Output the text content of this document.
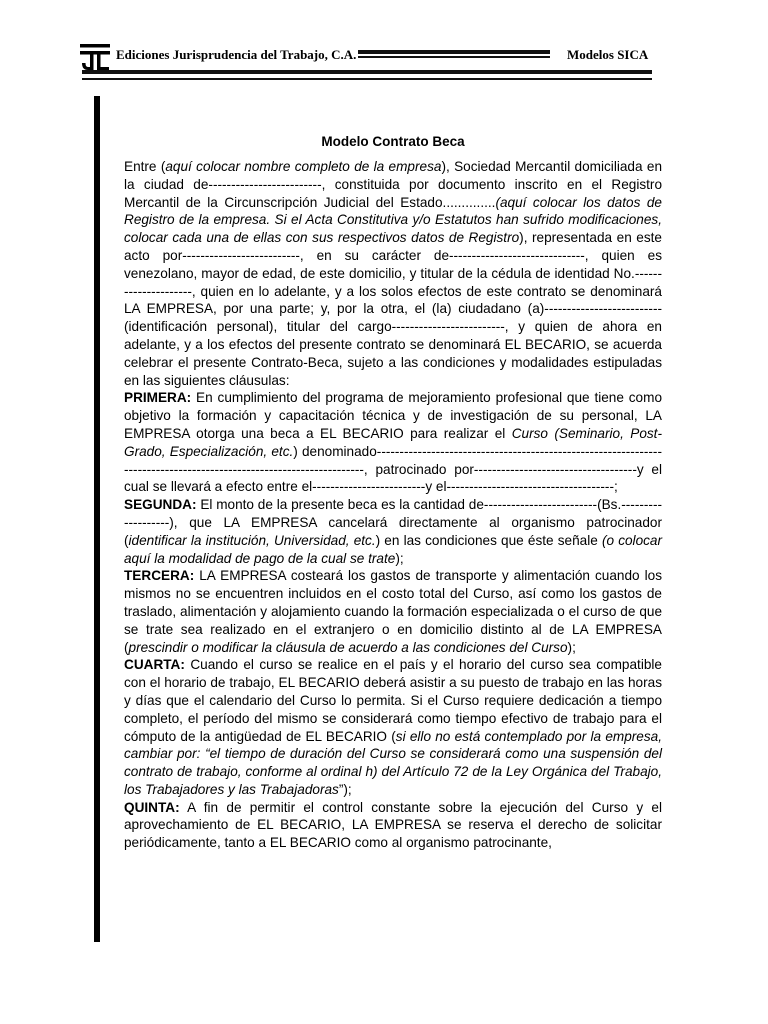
Ediciones Jurisprudencia del Trabajo, C.A.	Modelos SICA
Modelo Contrato Beca

Entre (aquí colocar nombre completo de la empresa), Sociedad Mercantil domiciliada en la ciudad de-------------------------, constituida por documento inscrito en el Registro Mercantil de la Circunscripción Judicial del Estado..............(aquí colocar los datos de Registro de la empresa. Si el Acta Constitutiva y/o Estatutos han sufrido modificaciones, colocar cada una de ellas con sus respectivos datos de Registro), representada en este acto por--------------------------, en su carácter de------------------------------, quien es venezolano, mayor de edad, de este domicilio, y titular de la cédula de identidad No.---------------------, quien en lo adelante, y a los solos efectos de este contrato se denominará LA EMPRESA, por una parte; y, por la otra, el (la) ciudadano (a)--------------------------(identificación personal), titular del cargo-------------------------, y quien de ahora en adelante, y a los efectos del presente contrato se denominará EL BECARIO, se acuerda celebrar el presente Contrato-Beca, sujeto a las condiciones y modalidades estipuladas en las siguientes cláusulas:

PRIMERA: En cumplimiento del programa de mejoramiento profesional que tiene como objetivo la formación y capacitación técnica y de investigación de su personal, LA EMPRESA otorga una beca a EL BECARIO para realizar el Curso (Seminario, Post-Grado, Especialización, etc.) denominado--------------------------------------------------------------------------------------------------------------------, patrocinado por------------------------------------y el cual se llevará a efecto entre el-------------------------y el-------------------------------------;

SEGUNDA: El monto de la presente beca es la cantidad de-------------------------(Bs.-------------------), que LA EMPRESA cancelará directamente al organismo patrocinador (identificar la institución, Universidad, etc.) en las condiciones que éste señale (o colocar aquí la modalidad de pago de la cual se trate);

TERCERA: LA EMPRESA costeará los gastos de transporte y alimentación cuando los mismos no se encuentren incluidos en el costo total del Curso, así como los gastos de traslado, alimentación y alojamiento cuando la formación especializada o el curso de que se trate sea realizado en el extranjero o en domicilio distinto al de LA EMPRESA (prescindir o modificar la cláusula de acuerdo a las condiciones del Curso);

CUARTA: Cuando el curso se realice en el país y el horario del curso sea compatible con el horario de trabajo, EL BECARIO deberá asistir a su puesto de trabajo en las horas y días que el calendario del Curso lo permita. Si el Curso requiere dedicación a tiempo completo, el período del mismo se considerará como tiempo efectivo de trabajo para el cómputo de la antigüedad de EL BECARIO (si ello no está contemplado por la empresa, cambiar por: “el tiempo de duración del Curso se considerará como una suspensión del contrato de trabajo, conforme al ordinal h) del Artículo 72 de la Ley Orgánica del Trabajo, los Trabajadores y las Trabajadoras”);

QUINTA: A fin de permitir el control constante sobre la ejecución del Curso y el aprovechamiento de EL BECARIO, LA EMPRESA se reserva el derecho de solicitar periódicamente, tanto a EL BECARIO como al organismo patrocinante,
